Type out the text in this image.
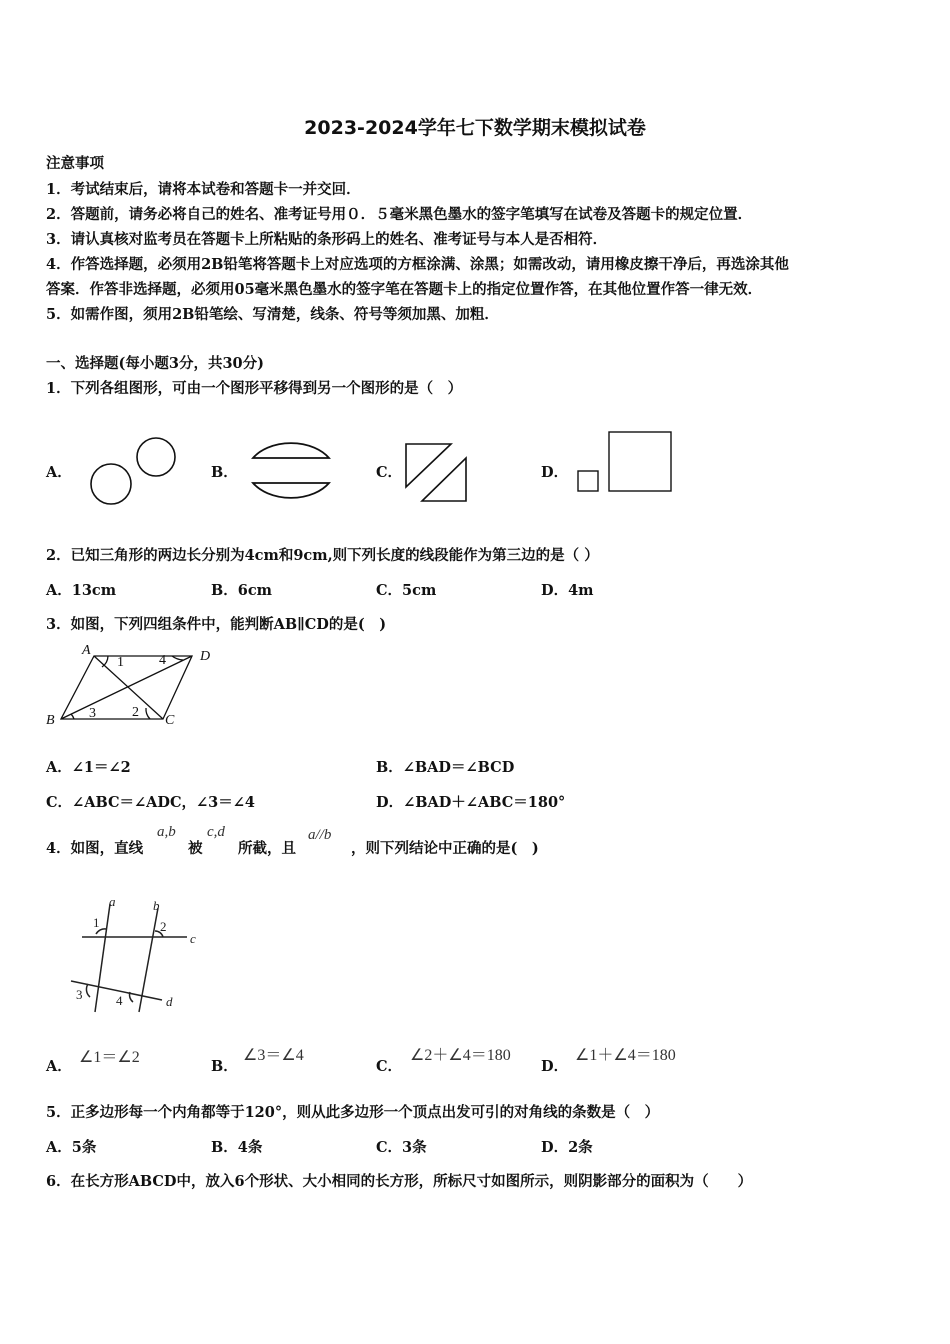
2023-2024学年七下数学期末模拟试卷
注意事项
1．考试结束后，请将本试卷和答题卡一并交回．
2．答题前，请务必将自己的姓名、准考证号用０．５毫米黑色墨水的签字笔填写在试卷及答题卡的规定位置．
3．请认真核对监考员在答题卡上所粘贴的条形码上的姓名、准考证号与本人是否相符．
4．作答选择题，必须用2B铅笔将答题卡上对应选项的方框涂满、涂黑；如需改动，请用橡皮擦干净后，再选涂其他
答案．作答非选择题，必须用05毫米黑色墨水的签字笔在答题卡上的指定位置作答，在其他位置作答一律无效．
5．如需作图，须用2B铅笔绘、写清楚，线条、符号等须加黑、加粗．
一、选择题(每小题3分，共30分)
1．下列各组图形，可由一个图形平移得到另一个图形的是（　）
A．	B．	C．	D．
2．已知三角形的两边长分别为4cm和9cm,则下列长度的线段能作为第三边的是（ ）
A．13cm	B．6cm	C．5cm	D．4m
3．如图，下列四组条件中，能判断AB∥CD的是(　)
A	D
B	C
1	4
3	2
A．∠1＝∠2	B．∠BAD＝∠BCD
C．∠ABC＝∠ADC，∠3＝∠4	D．∠BAD＋∠ABC＝180°
4．如图，直线
a,b
被
c,d
所截，且
a//b
，则下列结论中正确的是(　)
a	b
c
d
1	2
3	4
A．
∠1＝∠2
B．
∠3＝∠4
C．
∠2＋∠4＝180
D．
∠1＋∠4＝180
5．正多边形每一个内角都等于120°，则从此多边形一个顶点出发可引的对角线的条数是（　）
A．5条	B．4条	C．3条	D．2条
6．在长方形ABCD中，放入6个形状、大小相同的长方形，所标尺寸如图所示，则阴影部分的面积为（　　）
